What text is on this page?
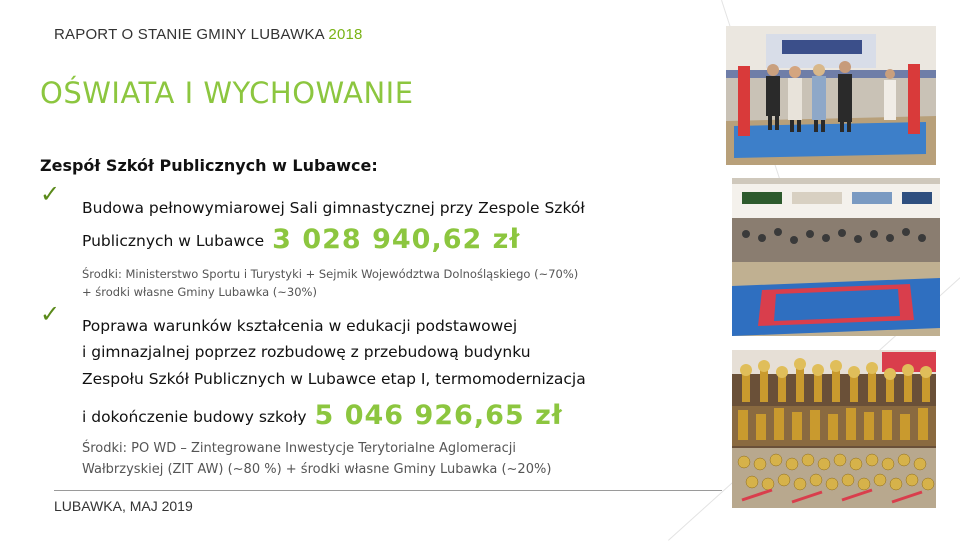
RAPORT O STANIE GMINY LUBAWKA 2018
OŚWIATA I WYCHOWANIE
Zespół Szkół Publicznych w Lubawce:
✓ Budowa pełnowymiarowej Sali gimnastycznej przy Zespole Szkół
Publicznych w Lubawce 3 028 940,62 zł
Środki: Ministerstwo Sportu i Turystyki + Sejmik Województwa Dolnośląskiego (~70%)
+ środki własne Gminy Lubawka (~30%)
✓ Poprawa warunków kształcenia w edukacji podstawowej
i gimnazjalnej poprzez rozbudowę z przebudową budynku
Zespołu Szkół Publicznych w Lubawce etap I, termomodernizacja
i dokończenie budowy szkoły 5 046 926,65 zł
Środki: PO WD – Zintegrowane Inwestycje Terytorialne Aglomeracji
Wałbrzyskiej (ZIT AW) (~80 %) + środki własne Gminy Lubawka (~20%)
LUBAWKA, MAJ 2019
